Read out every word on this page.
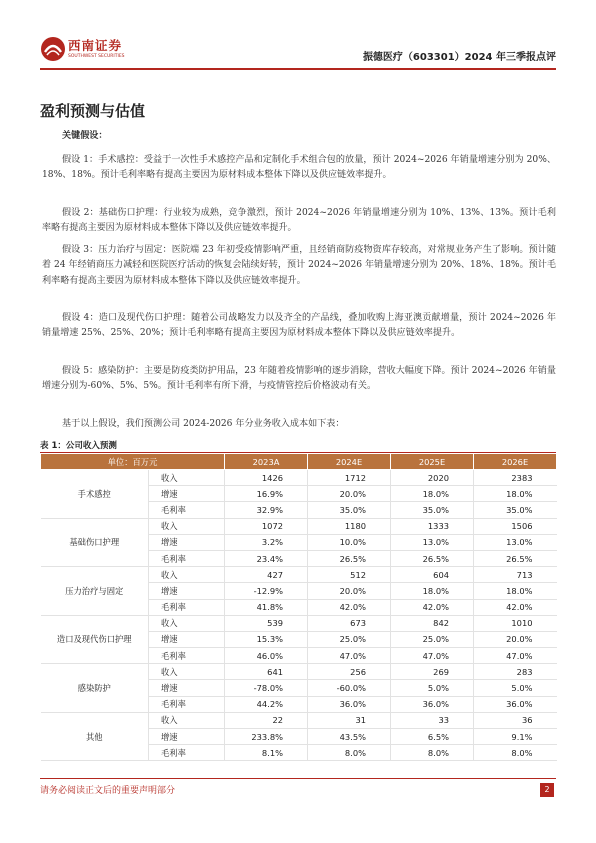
西南证券
SOUTHWEST SECURITIES	振德医疗（603301）2024 年三季报点评
盈利预测与估值
关键假设：
假设 1：手术感控：受益于一次性手术感控产品和定制化手术组合包的放量，预计 2024~2026 年销量增速分别为 20%、18%、18%。预计毛利率略有提高主要因为原材料成本整体下降以及供应链效率提升。
假设 2：基础伤口护理：行业较为成熟，竞争激烈，预计 2024~2026 年销量增速分别为 10%、13%、13%。预计毛利率略有提高主要因为原材料成本整体下降以及供应链效率提升。
假设 3：压力治疗与固定：医院端 23 年初受疫情影响严重，且经销商防疫物资库存较高，对常规业务产生了影响。预计随着 24 年经销商压力减轻和医院医疗活动的恢复会陆续好转，预计 2024~2026 年销量增速分别为 20%、18%、18%。预计毛利率略有提高主要因为原材料成本整体下降以及供应链效率提升。
假设 4：造口及现代伤口护理：随着公司战略发力以及齐全的产品线，叠加收购上海亚澳贡献增量，预计 2024~2026 年销量增速 25%、25%、20%；预计毛利率略有提高主要因为原材料成本整体下降以及供应链效率提升。
假设 5：感染防护：主要是防疫类防护用品，23 年随着疫情影响的逐步消除，营收大幅度下降。预计 2024~2026 年销量增速分别为-60%、5%、5%。预计毛利率有所下滑，与疫情管控后价格波动有关。
基于以上假设，我们预测公司 2024-2026 年分业务收入成本如下表：
表 1：公司收入预测
单位：百万元		2023A	2024E	2025E	2026E
手术感控	收入	1426	1712	2020	2383
	增速	16.9%	20.0%	18.0%	18.0%
	毛利率	32.9%	35.0%	35.0%	35.0%
基础伤口护理	收入	1072	1180	1333	1506
	增速	3.2%	10.0%	13.0%	13.0%
	毛利率	23.4%	26.5%	26.5%	26.5%
压力治疗与固定	收入	427	512	604	713
	增速	-12.9%	20.0%	18.0%	18.0%
	毛利率	41.8%	42.0%	42.0%	42.0%
造口及现代伤口护理	收入	539	673	842	1010
	增速	15.3%	25.0%	25.0%	20.0%
	毛利率	46.0%	47.0%	47.0%	47.0%
感染防护	收入	641	256	269	283
	增速	-78.0%	-60.0%	5.0%	5.0%
	毛利率	44.2%	36.0%	36.0%	36.0%
其他	收入	22	31	33	36
	增速	233.8%	43.5%	6.5%	9.1%
	毛利率	8.1%	8.0%	8.0%	8.0%
请务必阅读正文后的重要声明部分	2
